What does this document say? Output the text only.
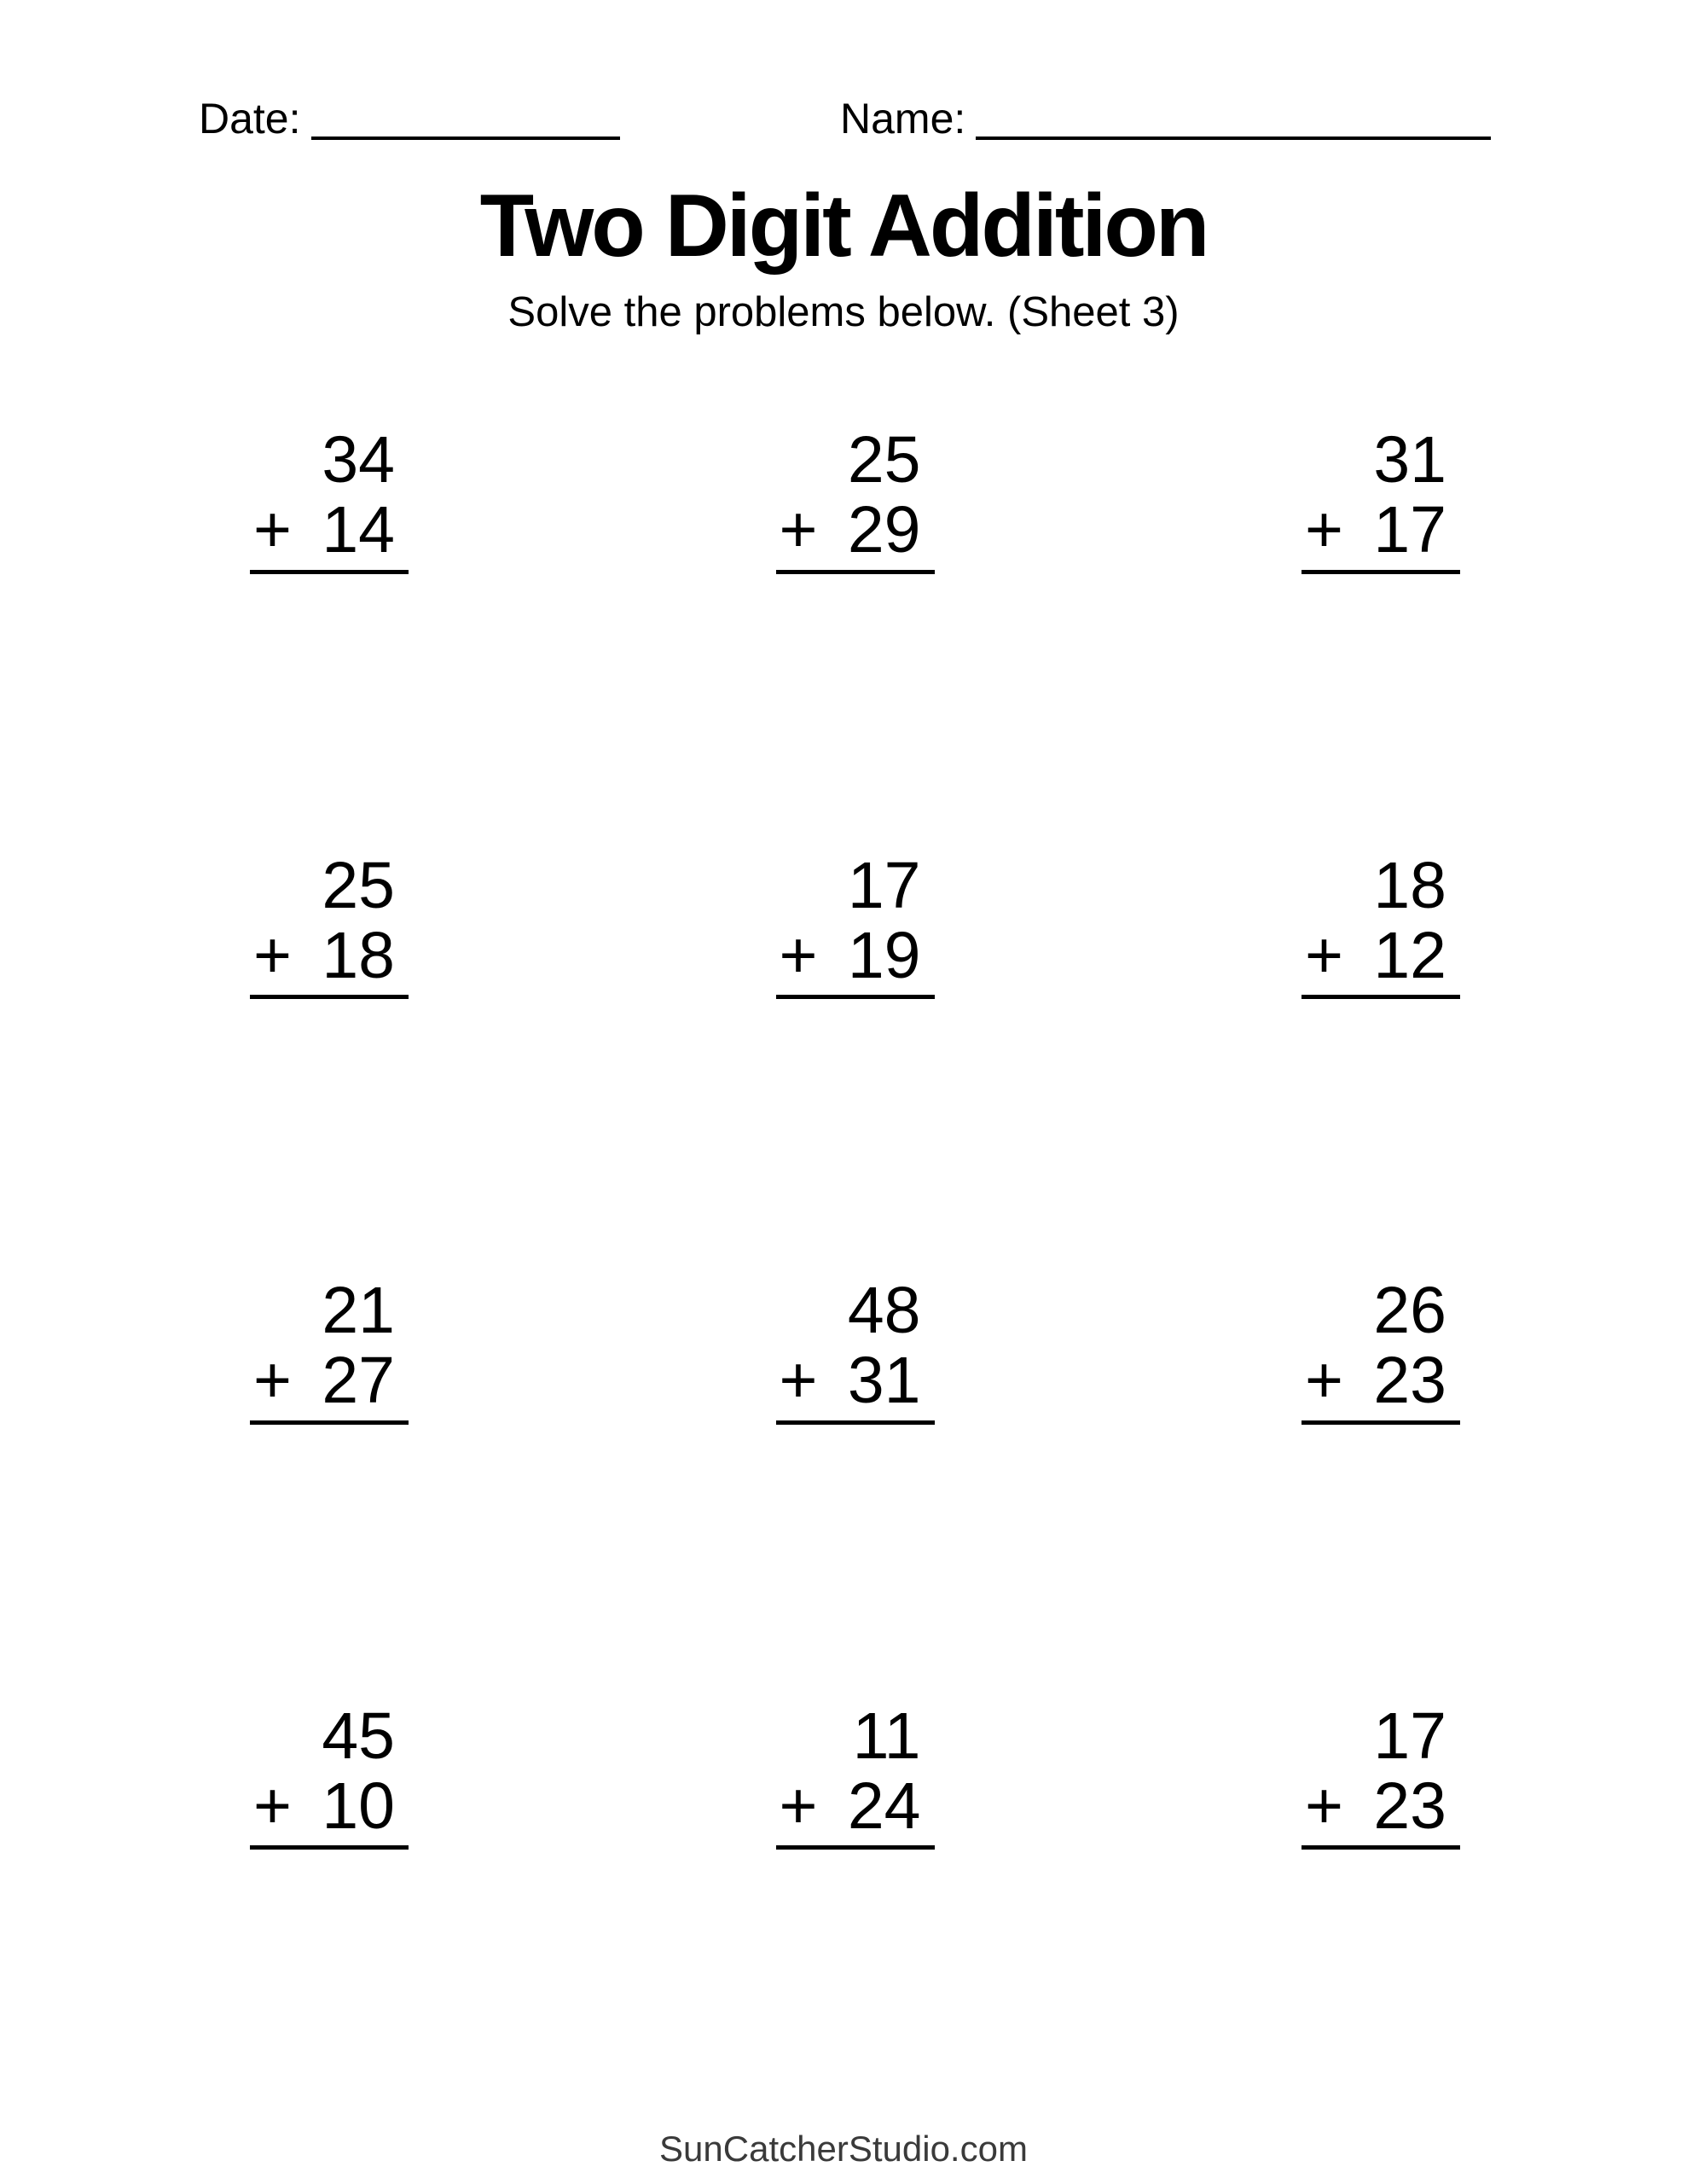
Date:	Name:
Two Digit Addition
Solve the problems below. (Sheet 3)
34
+ 14
25
+ 29
31
+ 17
25
+ 18
17
+ 19
18
+ 12
21
+ 27
48
+ 31
26
+ 23
45
+ 10
11
+ 24
17
+ 23
SunCatcherStudio.com
